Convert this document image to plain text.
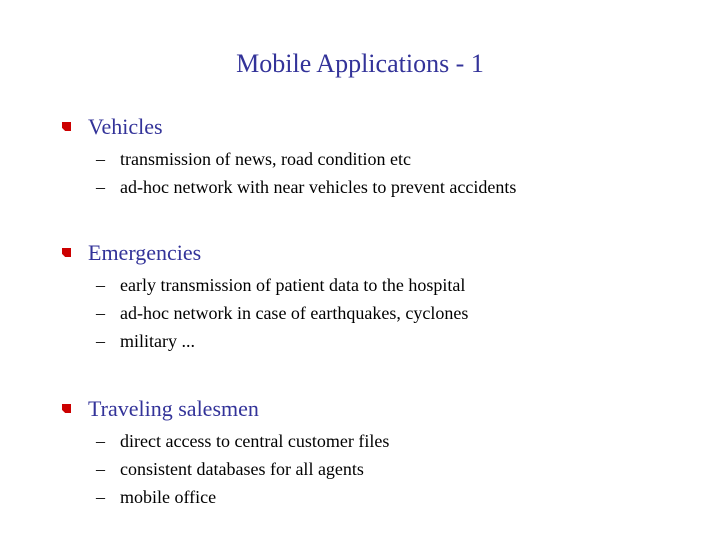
Mobile Applications - 1
Vehicles
– transmission of news, road condition etc
– ad-hoc network with near vehicles to prevent accidents
Emergencies
– early transmission of patient data to the hospital
– ad-hoc network in case of earthquakes, cyclones
– military ...
Traveling salesmen
– direct access to central customer files
– consistent databases for all agents
– mobile office
